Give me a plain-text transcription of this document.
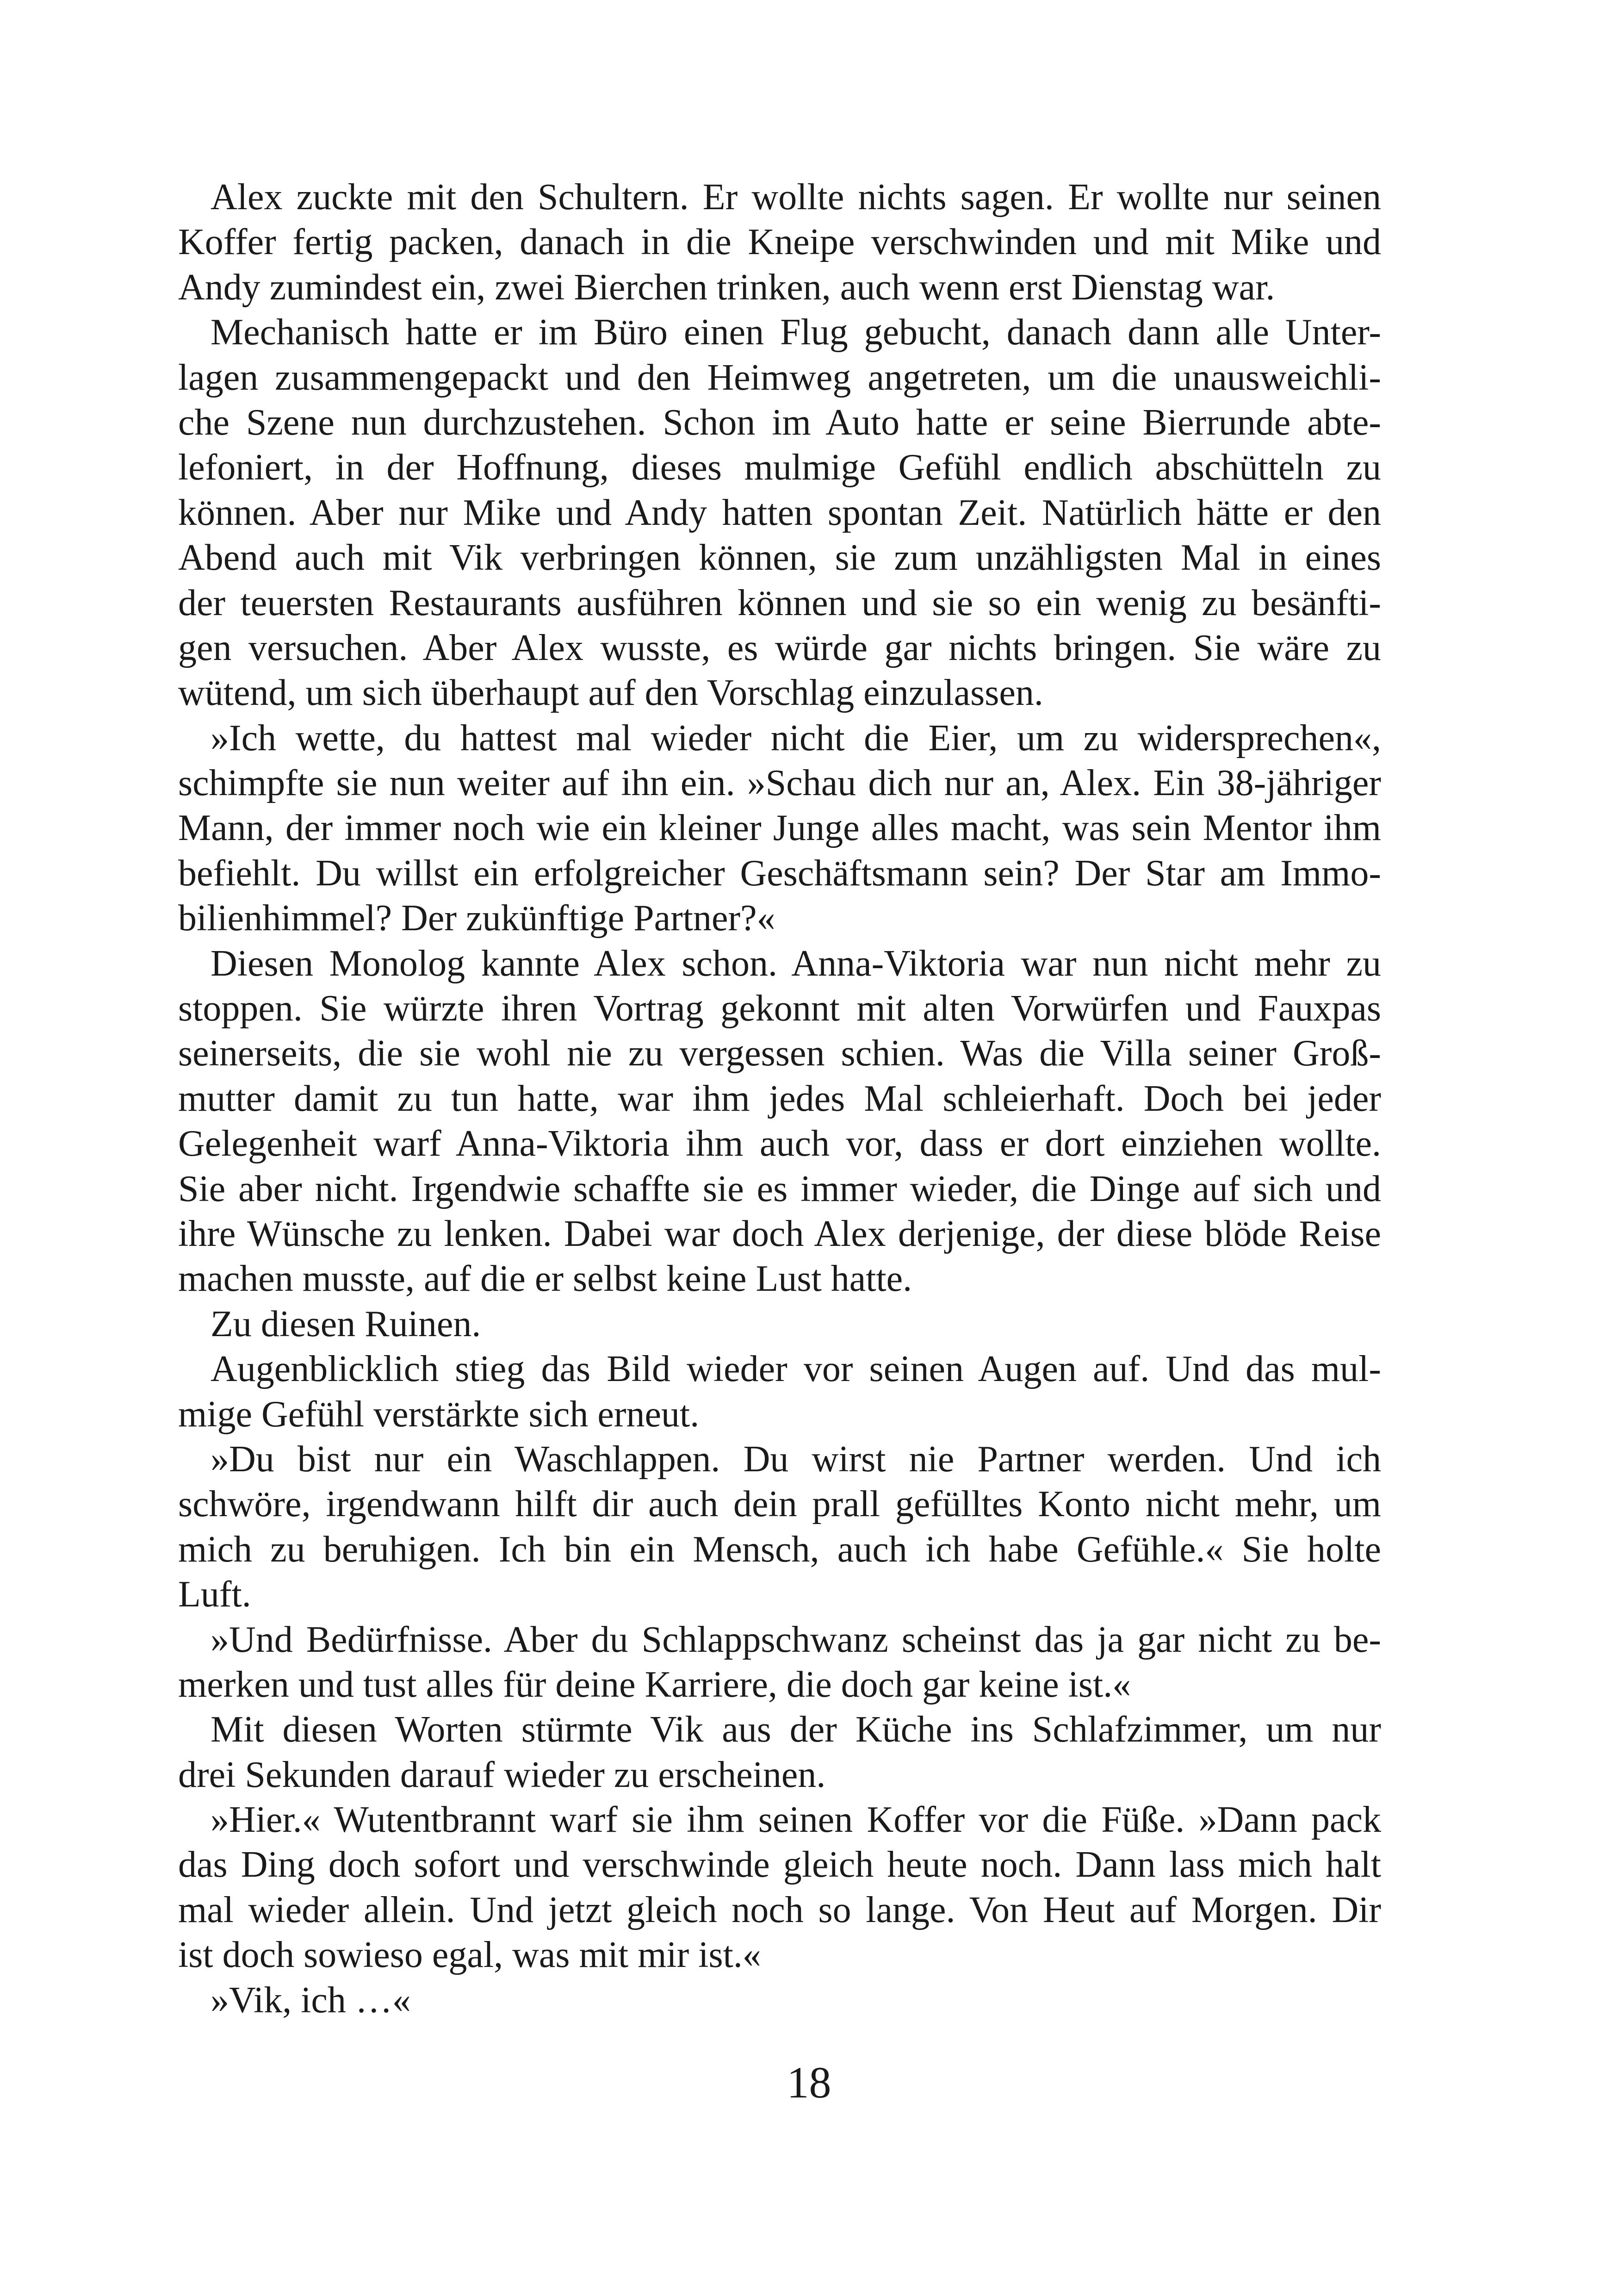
Alex zuckte mit den Schultern. Er wollte nichts sagen. Er wollte nur seinen
Koffer fertig packen, danach in die Kneipe verschwinden und mit Mike und
Andy zumindest ein, zwei Bierchen trinken, auch wenn erst Dienstag war.
Mechanisch hatte er im Büro einen Flug gebucht, danach dann alle Unter-
lagen zusammengepackt und den Heimweg angetreten, um die unausweichli-
che Szene nun durchzustehen. Schon im Auto hatte er seine Bierrunde abte-
lefoniert, in der Hoffnung, dieses mulmige Gefühl endlich abschütteln zu
können. Aber nur Mike und Andy hatten spontan Zeit. Natürlich hätte er den
Abend auch mit Vik verbringen können, sie zum unzähligsten Mal in eines
der teuersten Restaurants ausführen können und sie so ein wenig zu besänfti-
gen versuchen. Aber Alex wusste, es würde gar nichts bringen. Sie wäre zu
wütend, um sich überhaupt auf den Vorschlag einzulassen.
»Ich wette, du hattest mal wieder nicht die Eier, um zu widersprechen«,
schimpfte sie nun weiter auf ihn ein. »Schau dich nur an, Alex. Ein 38-jähriger
Mann, der immer noch wie ein kleiner Junge alles macht, was sein Mentor ihm
befiehlt. Du willst ein erfolgreicher Geschäftsmann sein? Der Star am Immo-
bilienhimmel? Der zukünftige Partner?«
Diesen Monolog kannte Alex schon. Anna-Viktoria war nun nicht mehr zu
stoppen. Sie würzte ihren Vortrag gekonnt mit alten Vorwürfen und Fauxpas
seinerseits, die sie wohl nie zu vergessen schien. Was die Villa seiner Groß-
mutter damit zu tun hatte, war ihm jedes Mal schleierhaft. Doch bei jeder
Gelegenheit warf Anna-Viktoria ihm auch vor, dass er dort einziehen wollte.
Sie aber nicht. Irgendwie schaffte sie es immer wieder, die Dinge auf sich und
ihre Wünsche zu lenken. Dabei war doch Alex derjenige, der diese blöde Reise
machen musste, auf die er selbst keine Lust hatte.
Zu diesen Ruinen.
Augenblicklich stieg das Bild wieder vor seinen Augen auf. Und das mul-
mige Gefühl verstärkte sich erneut.
»Du bist nur ein Waschlappen. Du wirst nie Partner werden. Und ich
schwöre, irgendwann hilft dir auch dein prall gefülltes Konto nicht mehr, um
mich zu beruhigen. Ich bin ein Mensch, auch ich habe Gefühle.« Sie holte
Luft.
»Und Bedürfnisse. Aber du Schlappschwanz scheinst das ja gar nicht zu be-
merken und tust alles für deine Karriere, die doch gar keine ist.«
Mit diesen Worten stürmte Vik aus der Küche ins Schlafzimmer, um nur
drei Sekunden darauf wieder zu erscheinen.
»Hier.« Wutentbrannt warf sie ihm seinen Koffer vor die Füße. »Dann pack
das Ding doch sofort und verschwinde gleich heute noch. Dann lass mich halt
mal wieder allein. Und jetzt gleich noch so lange. Von Heut auf Morgen. Dir
ist doch sowieso egal, was mit mir ist.«
»Vik, ich …«
18
